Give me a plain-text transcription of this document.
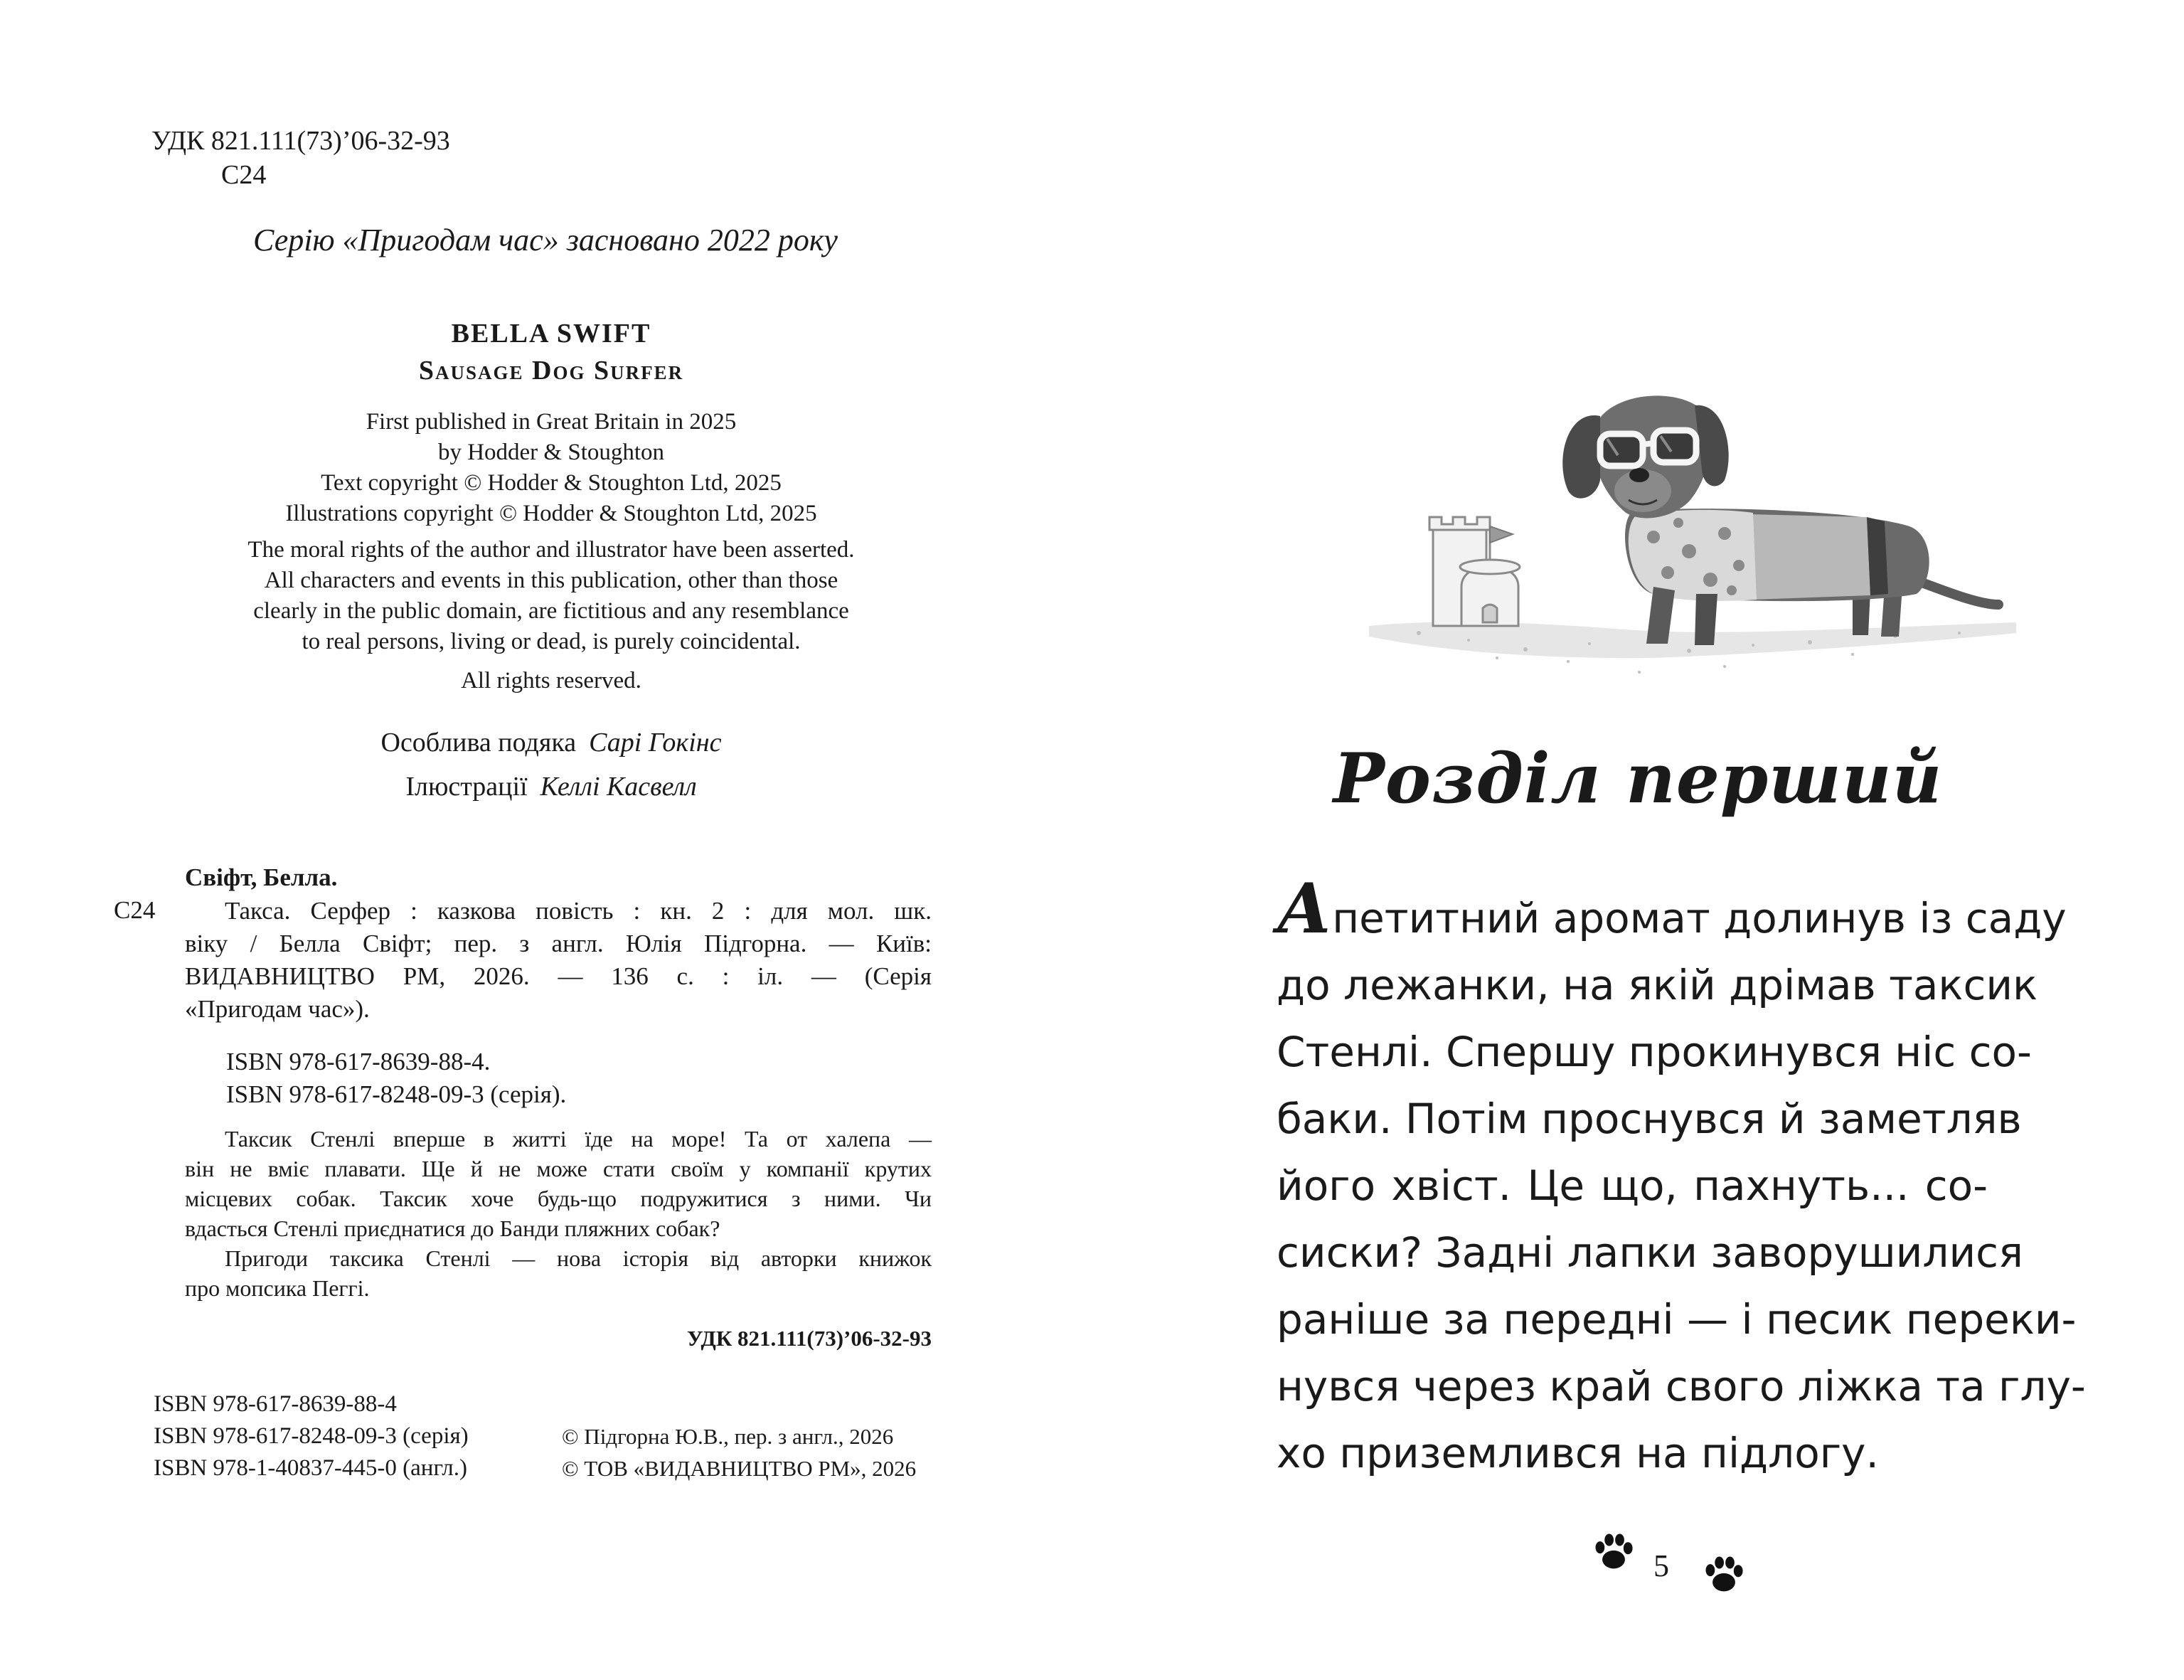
УДК 821.111(73)’06-32-93
С24
Серію «Пригодам час» засновано 2022 року
BELLA SWIFT
Sausage Dog Surfer
First published in Great Britain in 2025
by Hodder & Stoughton
Text copyright © Hodder & Stoughton Ltd, 2025
Illustrations copyright © Hodder & Stoughton Ltd, 2025
The moral rights of the author and illustrator have been asserted.
All characters and events in this publication, other than those
clearly in the public domain, are fictitious and any resemblance
to real persons, living or dead, is purely coincidental.
All rights reserved.
Особлива подяка Сарі Гокінс
Ілюстрації Келлі Касвелл
Свіфт, Белла.
С24	Такса. Серфер : казкова повість : кн. 2 : для мол. шк.
віку / Белла Свіфт; пер. з англ. Юлія Підгорна. — Київ:
ВИДАВНИЦТВО РМ, 2026. — 136 с. : іл. — (Серія
«Пригодам час»).
ISBN 978-617-8639-88-4.
ISBN 978-617-8248-09-3 (серія).
Таксик Стенлі вперше в житті їде на море! Та от халепа —
він не вміє плавати. Ще й не може стати своїм у компанії крутих
місцевих собак. Таксик хоче будь-що подружитися з ними. Чи
вдасться Стенлі приєднатися до Банди пляжних собак?
Пригоди таксика Стенлі — нова історія від авторки книжок
про мопсика Пеггі.
УДК 821.111(73)’06-32-93
ISBN 978-617-8639-88-4
ISBN 978-617-8248-09-3 (серія)
ISBN 978-1-40837-445-0 (англ.)
© Підгорна Ю.В., пер. з англ., 2026
© ТОВ «ВИДАВНИЦТВО РМ», 2026
Розділ перший
Апетитний аромат долинув із саду
до лежанки, на якій дрімав таксик
Стенлі. Спершу прокинувся ніс со-
баки. Потім проснувся й заметляв
його хвіст. Це що, пахнуть... со-
сиски? Задні лапки заворушилися
раніше за передні — і песик переки-
нувся через край свого ліжка та глу-
хо приземлився на підлогу.
5
